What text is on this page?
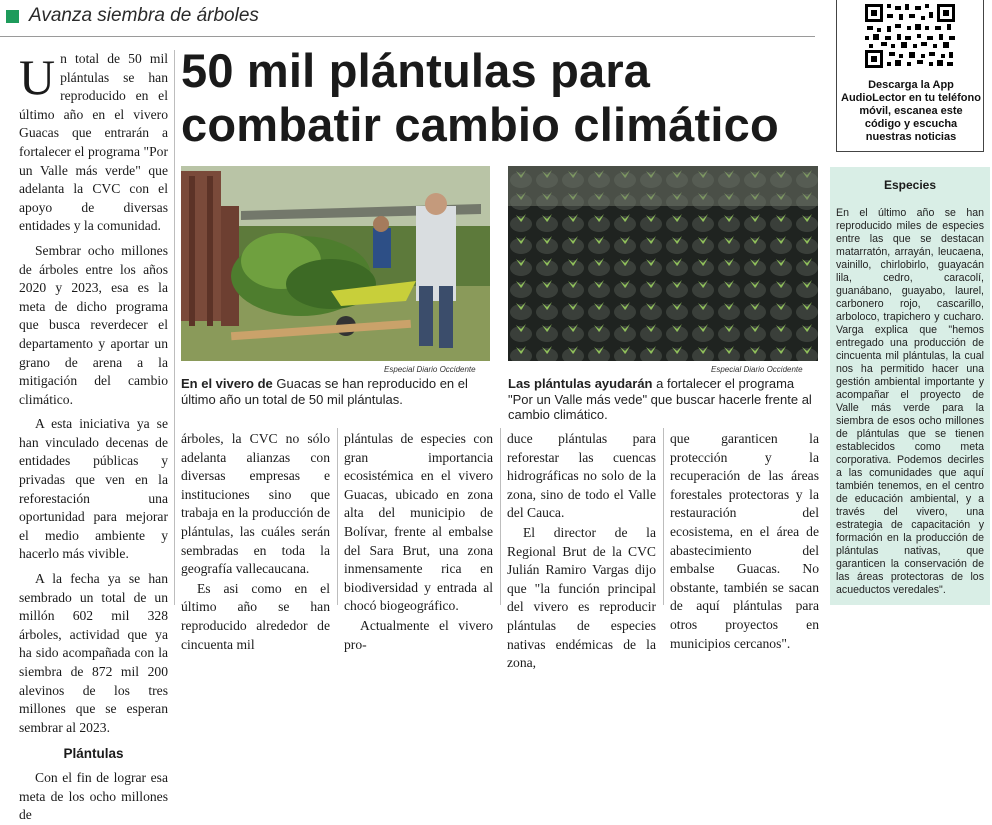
Avanza siembra de árboles
50 mil plántulas para combatir cambio climático
U n total de 50 mil plántulas se han reproducido en el último año en el vivero Guacas que entrarán a fortalecer el programa "Por un Valle más verde" que adelanta la CVC con el apoyo de diversas entidades y la comunidad.

Sembrar ocho millones de árboles entre los años 2020 y 2023, esa es la meta de dicho programa que busca reverdecer el departamento y aportar un grano de arena a la mitigación del cambio climático.

A esta iniciativa ya se han vinculado decenas de entidades públicas y privadas que ven en la reforestación una oportunidad para mejorar el medio ambiente y hacerlo más vivible.

A la fecha ya se han sembrado un total de un millón 602 mil 328 árboles, actividad que ya ha sido acompañada con la siembra de 872 mil 200 alevinos de los tres millones que se esperan sembrar al 2023.

Plántulas

Con el fin de lograr esa meta de los ocho millones de

Especial Diario Occidente
En el vivero de Guacas se han reproducido en el último año un total de 50 mil plántulas.
Especial Diario Occidente
Las plántulas ayudarán a fortalecer el programa "Por un Valle más vede" que buscar hacerle frente al cambio climático.

árboles, la CVC no sólo adelanta alianzas con diversas empresas e instituciones sino que trabaja en la producción de plántulas, las cuáles serán sembradas en toda la geografía vallecaucana.

Es asi como en el último año se han reproducido alrededor de cincuenta mil

plántulas de especies con gran importancia ecosistémica en el vivero Guacas, ubicado en zona alta del municipio de Bolívar, frente al embalse del Sara Brut, una zona inmensamente rica en biodiversidad y entrada al chocó biogeográfico.

Actualmente el vivero pro-

duce plántulas para reforestar las cuencas hidrográficas no solo de la zona, sino de todo el Valle del Cauca.

El director de la Regional Brut de la CVC Julián Ramiro Vargas dijo que "la función principal del vivero es reproducir plántulas de especies nativas endémicas de la zona,

que garanticen la protección y la recuperación de las áreas forestales protectoras y la restauración del ecosistema, en el área de abastecimiento del embalse Guacas. No obstante, también se sacan de aquí plántulas para otros proyectos en municipios cercanos".

Descarga la App AudioLector en tu teléfono móvil, escanea este código y escucha nuestras noticias
Especies
En el último año se han reproducido miles de especies entre las que se destacan matarratón, arrayán, leucaena, vainillo, chirlobirlo, guayacán lila, cedro, caracolí, guanábano, guayabo, laurel, carbonero rojo, cascarillo, arboloco, trapichero y cucharo. Varga explica que "hemos entregado una producción de cincuenta mil plántulas, la cual nos ha permitido hacer una gestión ambiental importante y acompañar el proyecto de Valle más verde para la siembra de esos ocho millones de plántulas que se tienen establecidos como meta corporativa. Podemos decirles a las comunidades que aquí también tenemos, en el centro de educación ambiental, y a través del vivero, una estrategia de capacitación y formación en la producción de plántulas nativas, que garanticen la conservación de las áreas protectoras de los acueductos veredales".
